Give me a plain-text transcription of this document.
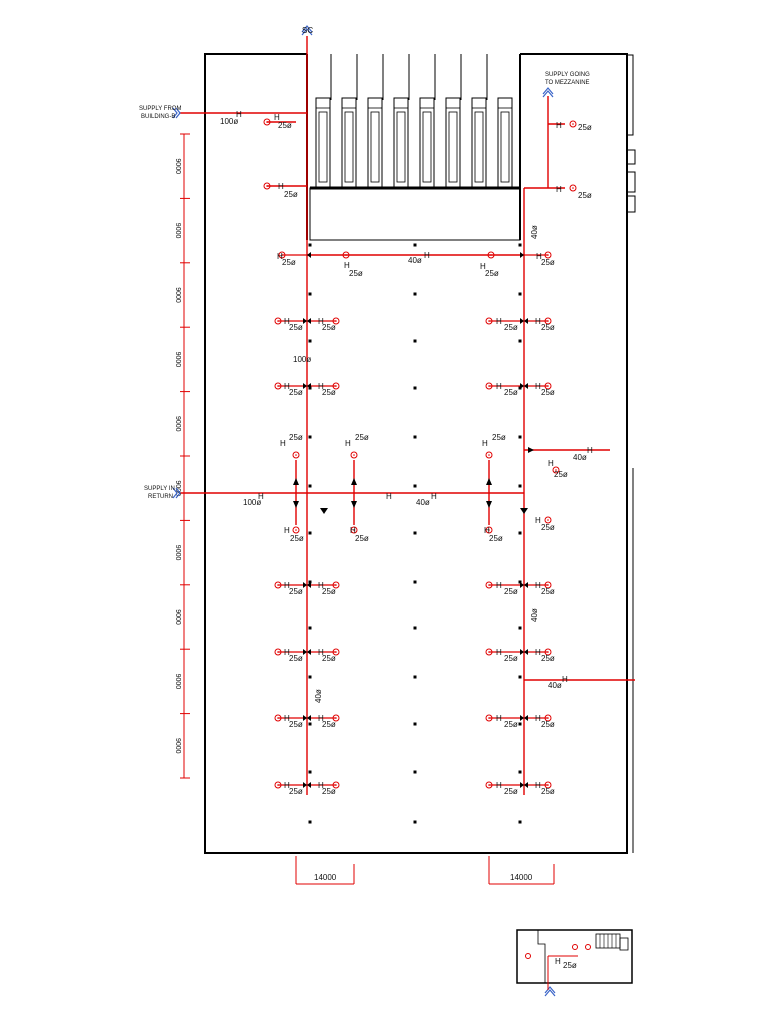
H
25ø
H
25ø
H
25ø
H
25ø
H
25ø
H
25ø
H
25ø
H
25ø
H
25ø
H
25ø
H
25ø
H
25ø
H
25ø
H
25ø
H
25ø
H
25ø
H
25ø
H
25ø
H
25ø
H
25ø
H
25ø
H
25ø
H
25ø
H
25ø
H
25ø
H
25ø
H
25ø
H
25ø
25ø
H
25ø
H
25ø
H
H
25ø
H
25ø
H
25ø
H
25ø
H
25ø
9000
9000
9000
9000
9000
9000
9000
9000
9000
9000
14000	14000
SC
SUPPLY FROM
BUILDING-B
SUPPLY GOING
TO MEZZANINE
SUPPLY IN
RETURN
100ø
H
100ø
100ø
H
40ø
H
40ø
H
H
40ø
H
40ø
H
40ø
40ø
40ø
H 25ø
H
25ø
H
25ø
H
25ø
H 25ø
